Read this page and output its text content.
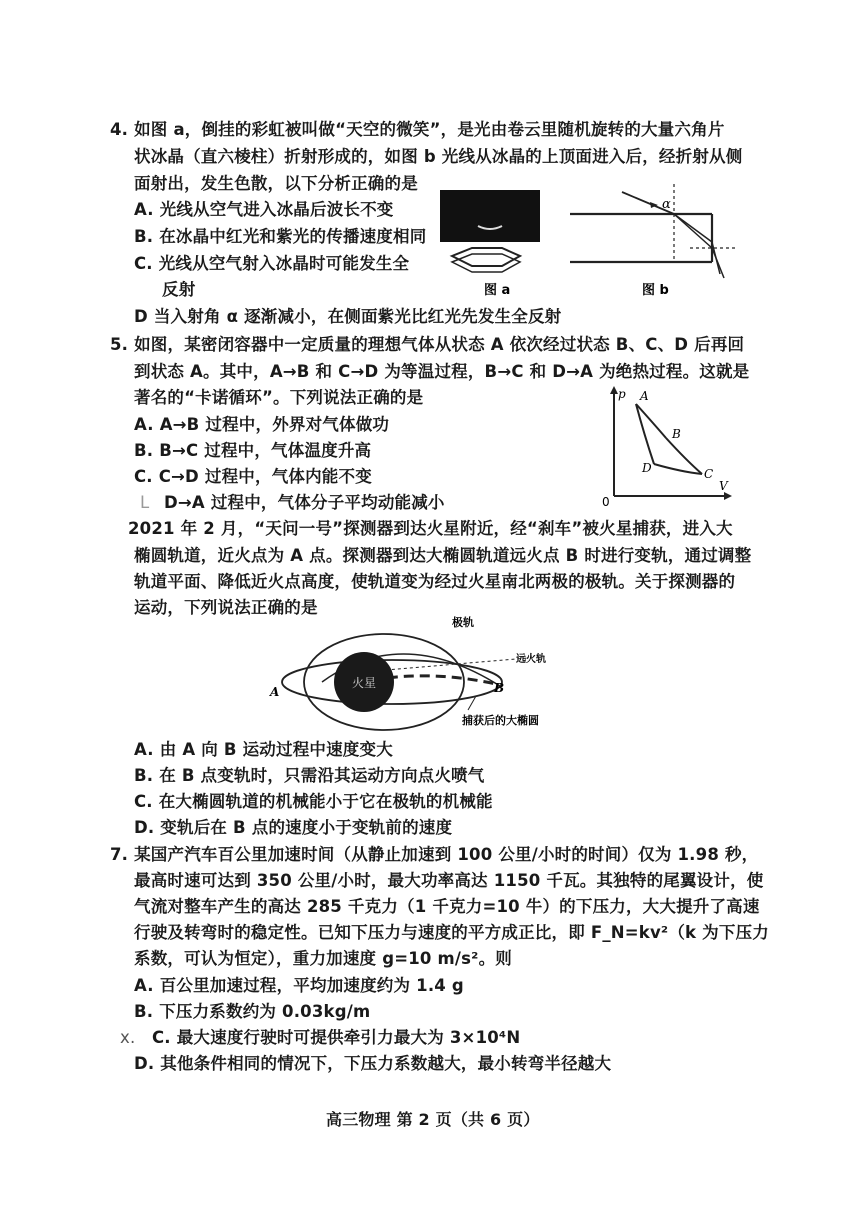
4. 如图 a，倒挂的彩虹被叫做“天空的微笑”，是光由卷云里随机旋转的大量六角片
状冰晶（直六棱柱）折射形成的，如图 b 光线从冰晶的上顶面进入后，经折射从侧
面射出，发生色散，以下分析正确的是
A. 光线从空气进入冰晶后波长不变
B. 在冰晶中红光和紫光的传播速度相同
C. 光线从空气射入冰晶时可能发生全
反射
D 当入射角 α 逐渐减小，在侧面紫光比红光先发生全反射
图 a
α
图 b
5. 如图，某密闭容器中一定质量的理想气体从状态 A 依次经过状态 B、C、D 后再回
到状态 A。其中，A→B 和 C→D 为等温过程，B→C 和 D→A 为绝热过程。这就是
著名的“卡诺循环”。下列说法正确的是
A. A→B 过程中，外界对气体做功
B. B→C 过程中，气体温度升高
C. C→D 过程中，气体内能不变
L D→A 过程中，气体分子平均动能减小
p
V
0
A
B
C
D
2021 年 2 月，“天问一号”探测器到达火星附近，经“刹车”被火星捕获，进入大
椭圆轨道，近火点为 A 点。探测器到达大椭圆轨道远火点 B 时进行变轨，通过调整
轨道平面、降低近火点高度，使轨道变为经过火星南北两极的极轨。关于探测器的
运动，下列说法正确的是
火星
A	B
极轨
远火轨
捕获后的大椭圆
A. 由 A 向 B 运动过程中速度变大
B. 在 B 点变轨时，只需沿其运动方向点火喷气
C. 在大椭圆轨道的机械能小于它在极轨的机械能
D. 变轨后在 B 点的速度小于变轨前的速度
7. 某国产汽车百公里加速时间（从静止加速到 100 公里/小时的时间）仅为 1.98 秒，
最高时速可达到 350 公里/小时，最大功率高达 1150 千瓦。其独特的尾翼设计，使
气流对整车产生的高达 285 千克力（1 千克力=10 牛）的下压力，大大提升了高速
行驶及转弯时的稳定性。已知下压力与速度的平方成正比，即 F_N=kv²（k 为下压力
系数，可认为恒定），重力加速度 g=10 m/s²。则
A. 百公里加速过程，平均加速度约为 1.4 g
B. 下压力系数约为 0.03kg/m
ⅹ. C. 最大速度行驶时可提供牵引力最大为 3×10⁴N
D. 其他条件相同的情况下，下压力系数越大，最小转弯半径越大
高三物理 第 2 页（共 6 页）
